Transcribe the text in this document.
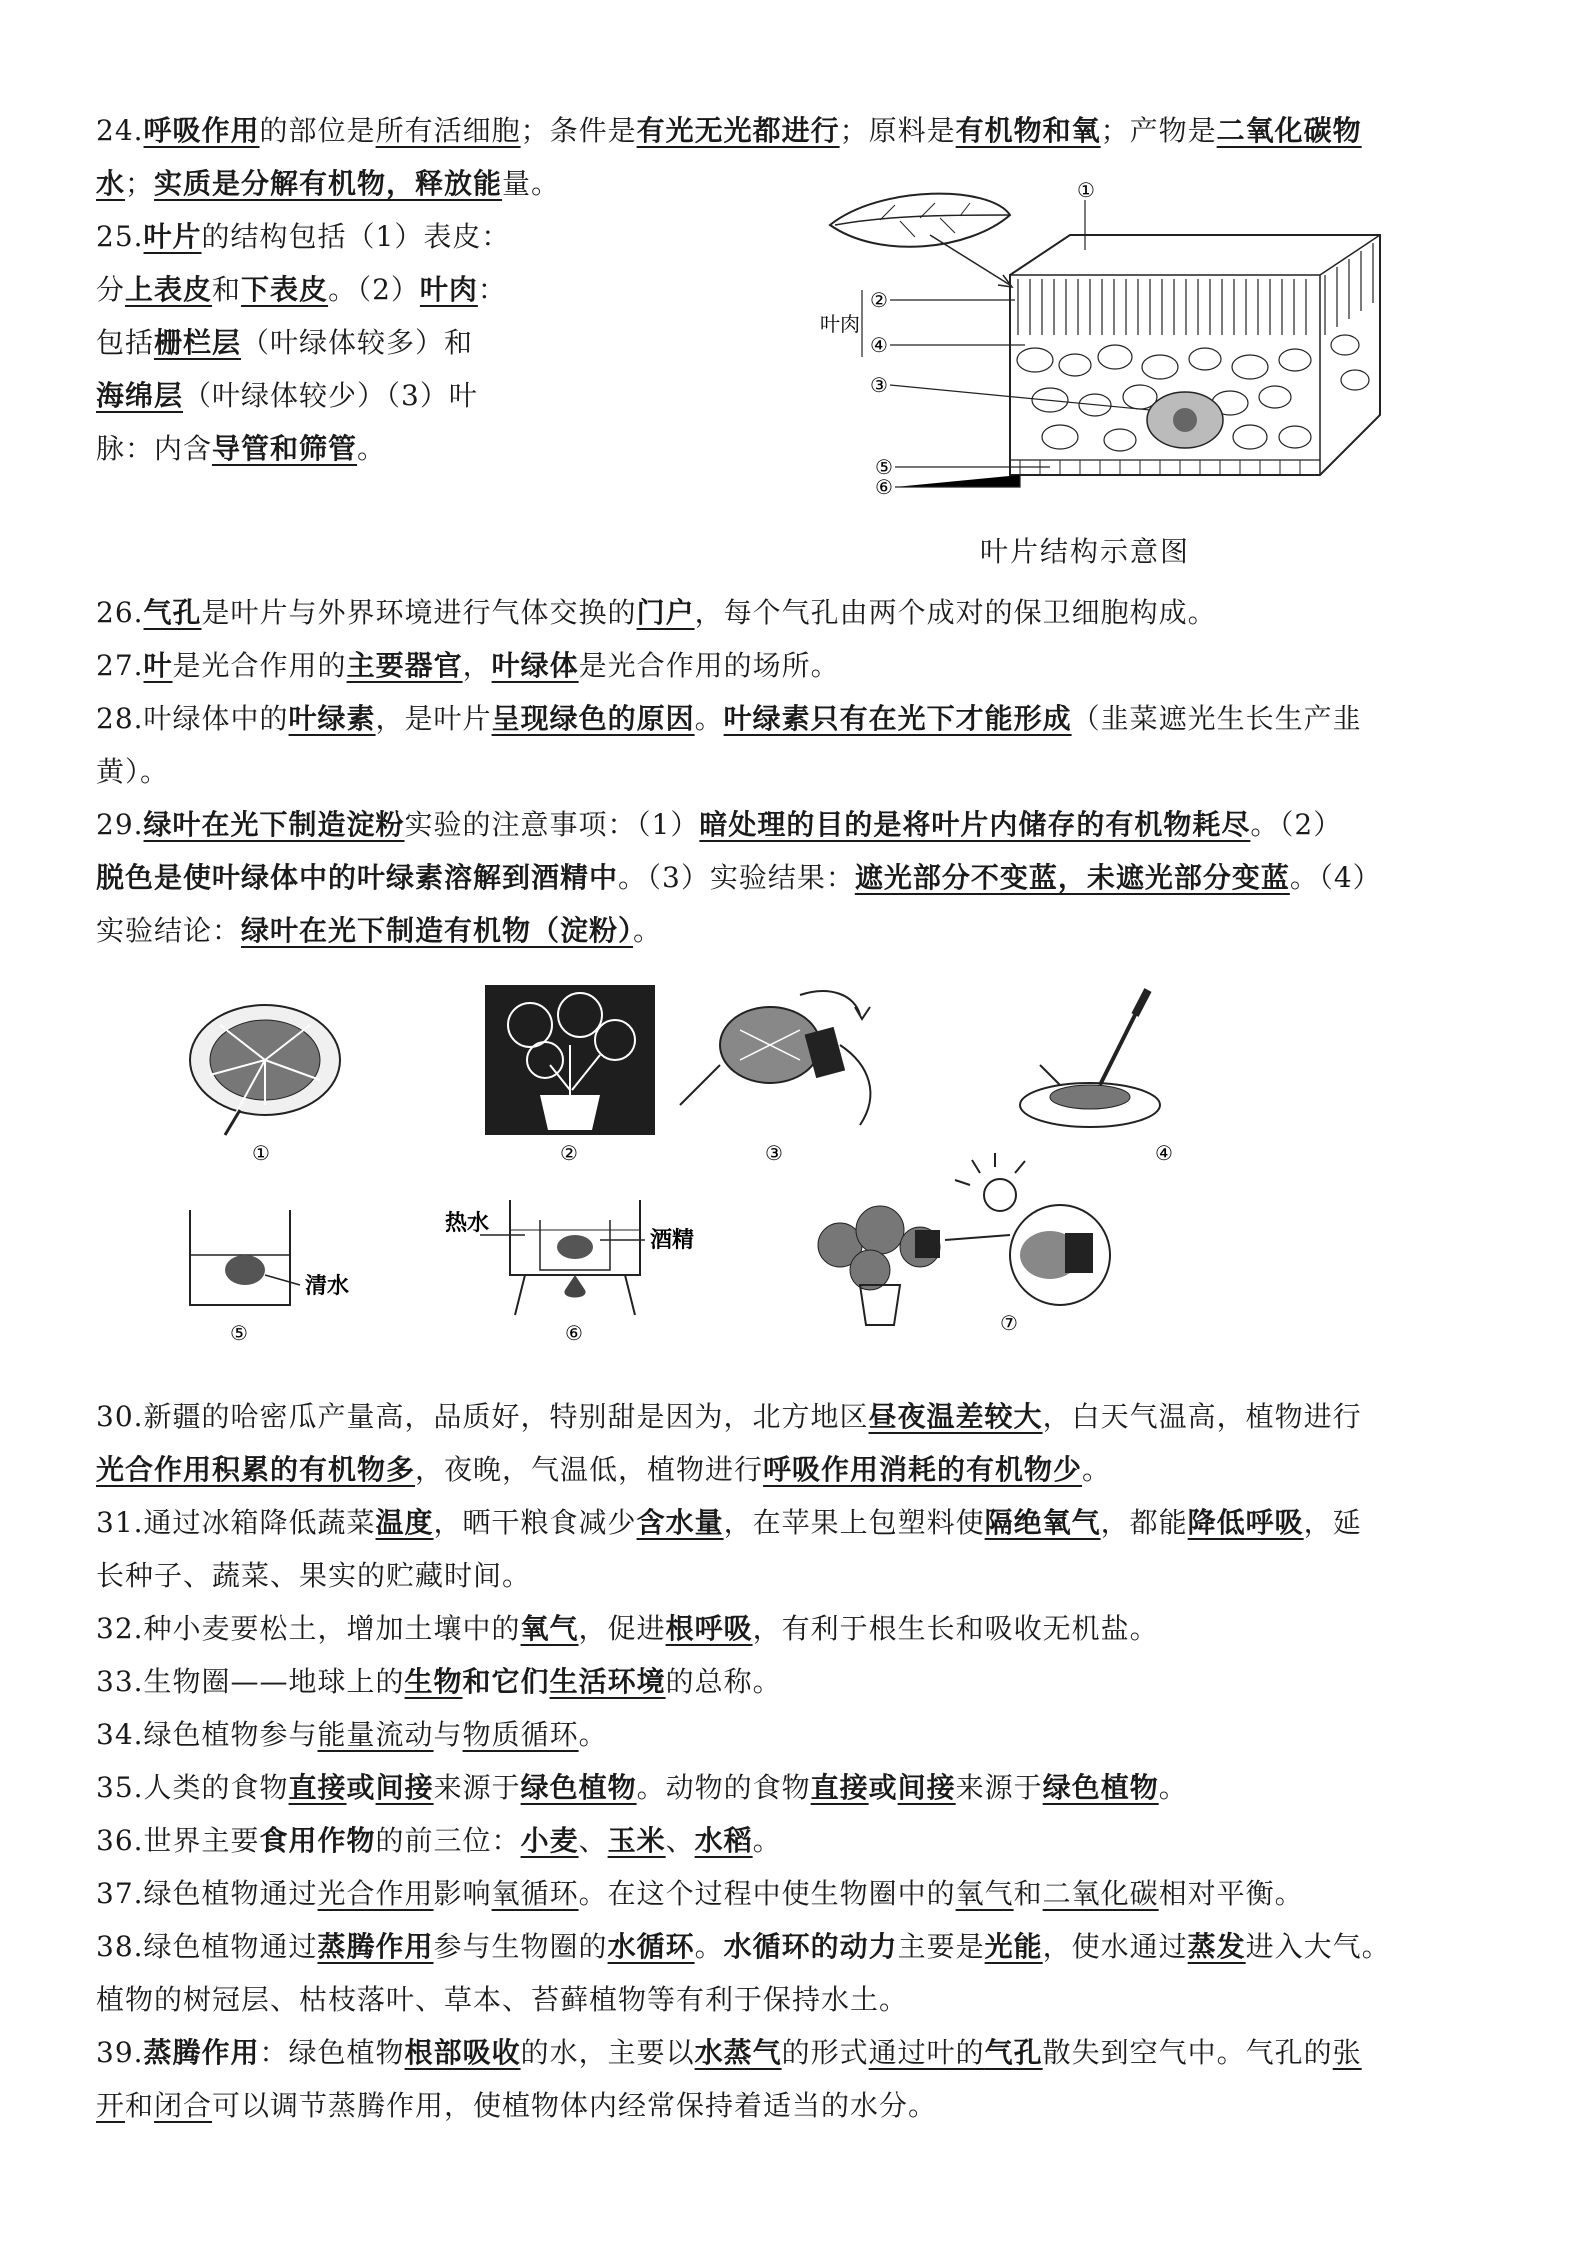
24.呼吸作用的部位是所有活细胞；条件是有光无光都进行；原料是有机物和氧；产物是二氧化碳物
水；实质是分解有机物，释放能量。
25.叶片的结构包括（1）表皮：
分上表皮和下表皮。（2）叶肉：
包括栅栏层（叶绿体较多）和
海绵层（叶绿体较少）（3）叶
脉：内含导管和筛管。
①
②
叶肉
④
③
⑤
⑥
叶片结构示意图
26.气孔是叶片与外界环境进行气体交换的门户，每个气孔由两个成对的保卫细胞构成。
27.叶是光合作用的主要器官，叶绿体是光合作用的场所。
28.叶绿体中的叶绿素，是叶片呈现绿色的原因。叶绿素只有在光下才能形成（韭菜遮光生长生产韭
黄）。
29.绿叶在光下制造淀粉实验的注意事项：（1）暗处理的目的是将叶片内储存的有机物耗尽。（2）
脱色是使叶绿体中的叶绿素溶解到酒精中。（3）实验结果：遮光部分不变蓝，未遮光部分变蓝。（4）
实验结论：绿叶在光下制造有机物（淀粉）。
①	②	③	④
清水
⑤
热水
酒精
⑥	⑦
30.新疆的哈密瓜产量高，品质好，特别甜是因为，北方地区昼夜温差较大，白天气温高，植物进行
光合作用积累的有机物多，夜晚，气温低，植物进行呼吸作用消耗的有机物少。
31.通过冰箱降低蔬菜温度，晒干粮食减少含水量，在苹果上包塑料使隔绝氧气，都能降低呼吸，延
长种子、蔬菜、果实的贮藏时间。
32.种小麦要松土，增加土壤中的氧气，促进根呼吸，有利于根生长和吸收无机盐。
33.生物圈——地球上的生物和它们生活环境的总称。
34.绿色植物参与能量流动与物质循环。
35.人类的食物直接或间接来源于绿色植物。动物的食物直接或间接来源于绿色植物。
36.世界主要食用作物的前三位：小麦、玉米、水稻。
37.绿色植物通过光合作用影响氧循环。在这个过程中使生物圈中的氧气和二氧化碳相对平衡。
38.绿色植物通过蒸腾作用参与生物圈的水循环。水循环的动力主要是光能，使水通过蒸发进入大气。
植物的树冠层、枯枝落叶、草本、苔藓植物等有利于保持水土。
39.蒸腾作用：绿色植物根部吸收的水，主要以水蒸气的形式通过叶的气孔散失到空气中。气孔的张
开和闭合可以调节蒸腾作用，使植物体内经常保持着适当的水分。
